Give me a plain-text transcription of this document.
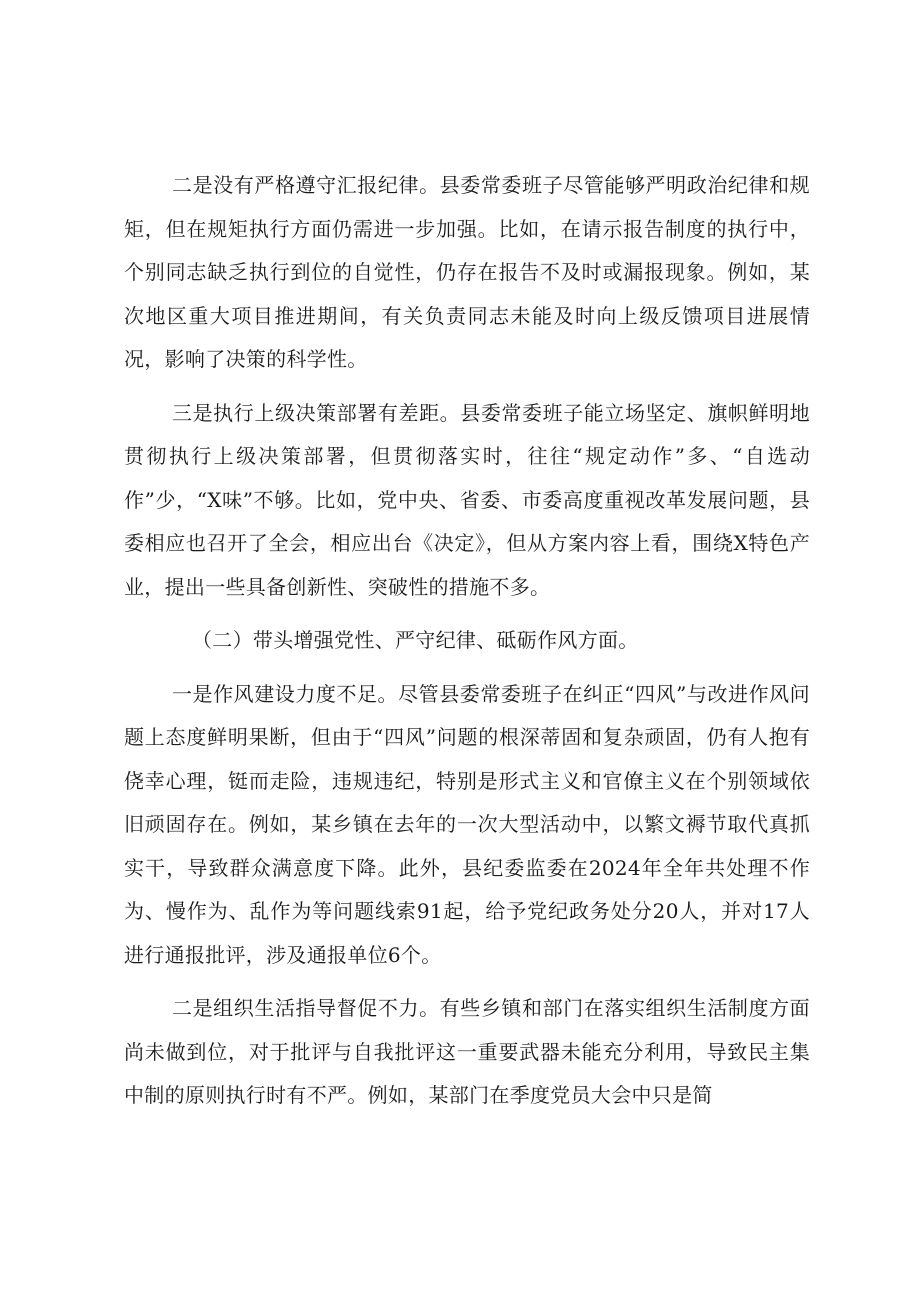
二是没有严格遵守汇报纪律。县委常委班子尽管能够严明政治纪律和规矩，但在规矩执行方面仍需进一步加强。比如，在请示报告制度的执行中，个别同志缺乏执行到位的自觉性，仍存在报告不及时或漏报现象。例如，某次地区重大项目推进期间，有关负责同志未能及时向上级反馈项目进展情况，影响了决策的科学性。

三是执行上级决策部署有差距。县委常委班子能立场坚定、旗帜鲜明地贯彻执行上级决策部署，但贯彻落实时，往往“规定动作”多、“自选动作”少，“X味”不够。比如，党中央、省委、市委高度重视改革发展问题，县委相应也召开了全会，相应出台《决定》，但从方案内容上看，围绕X特色产业，提出一些具备创新性、突破性的措施不多。

（二）带头增强党性、严守纪律、砥砺作风方面。

一是作风建设力度不足。尽管县委常委班子在纠正“四风”与改进作风问题上态度鲜明果断，但由于“四风”问题的根深蒂固和复杂顽固，仍有人抱有侥幸心理，铤而走险，违规违纪，特别是形式主义和官僚主义在个别领域依旧顽固存在。例如，某乡镇在去年的一次大型活动中，以繁文褥节取代真抓实干，导致群众满意度下降。此外，县纪委监委在2024年全年共处理不作为、慢作为、乱作为等问题线索91起，给予党纪政务处分20人，并对17人进行通报批评，涉及通报单位6个。

二是组织生活指导督促不力。有些乡镇和部门在落实组织生活制度方面尚未做到位，对于批评与自我批评这一重要武器未能充分利用，导致民主集中制的原则执行时有不严。例如，某部门在季度党员大会中只是简
